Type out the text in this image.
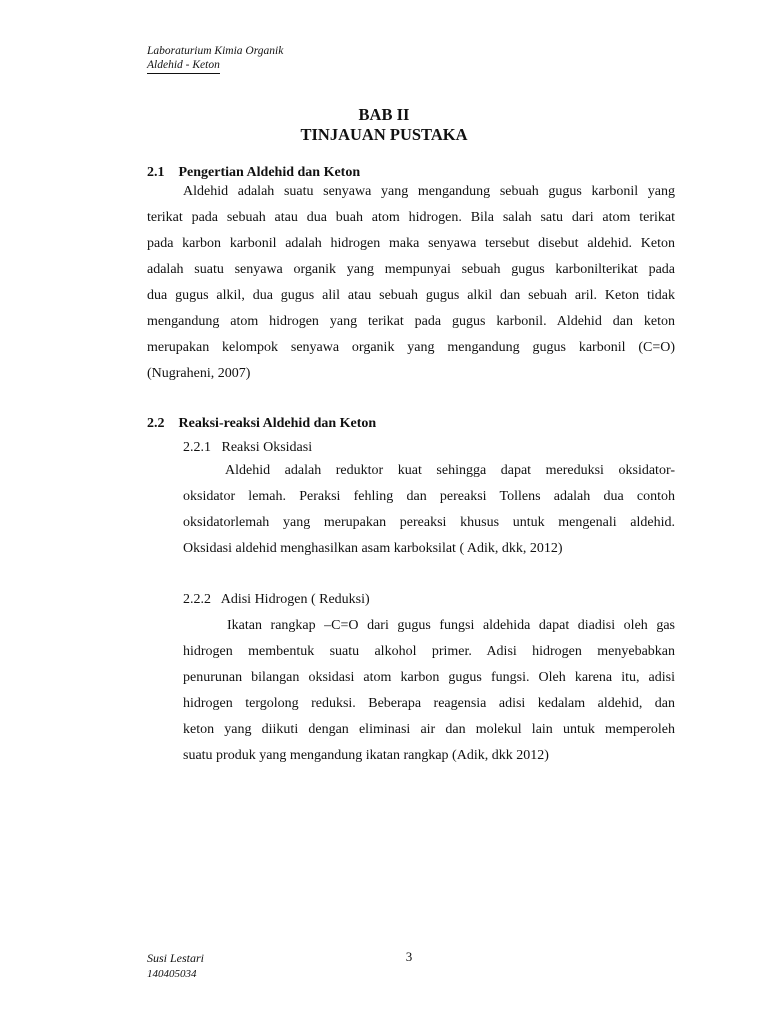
Laboraturium Kimia Organik
Aldehid - Keton
BAB II
TINJAUAN PUSTAKA
2.1    Pengertian Aldehid dan Keton
Aldehid adalah suatu senyawa yang mengandung sebuah gugus karbonil yang
terikat pada sebuah atau dua buah atom hidrogen. Bila salah satu dari atom terikat
pada karbon karbonil adalah hidrogen maka senyawa tersebut disebut aldehid. Keton
adalah suatu senyawa organik yang mempunyai sebuah gugus karbonilterikat pada
dua gugus alkil, dua gugus alil atau sebuah gugus alkil dan sebuah aril. Keton tidak
mengandung atom hidrogen yang terikat pada gugus karbonil. Aldehid dan keton
merupakan kelompok senyawa organik yang mengandung gugus karbonil (C=O)
(Nugraheni, 2007)
2.2    Reaksi-reaksi Aldehid dan Keton
2.2.1   Reaksi Oksidasi
Aldehid adalah reduktor kuat sehingga dapat mereduksi oksidator-
oksidator lemah. Peraksi fehling dan pereaksi Tollens adalah dua contoh
oksidatorlemah yang merupakan pereaksi khusus untuk mengenali aldehid.
Oksidasi aldehid menghasilkan asam karboksilat ( Adik, dkk, 2012)
2.2.2   Adisi Hidrogen ( Reduksi)
Ikatan rangkap –C=O dari gugus fungsi aldehida dapat diadisi oleh gas
hidrogen membentuk suatu alkohol primer. Adisi hidrogen menyebabkan
penurunan bilangan oksidasi atom karbon gugus fungsi. Oleh karena itu, adisi
hidrogen tergolong reduksi. Beberapa reagensia adisi kedalam aldehid, dan
keton yang diikuti dengan eliminasi air dan molekul lain untuk memperoleh
suatu produk yang mengandung ikatan rangkap (Adik, dkk 2012)
Susi Lestari
140405034
3
